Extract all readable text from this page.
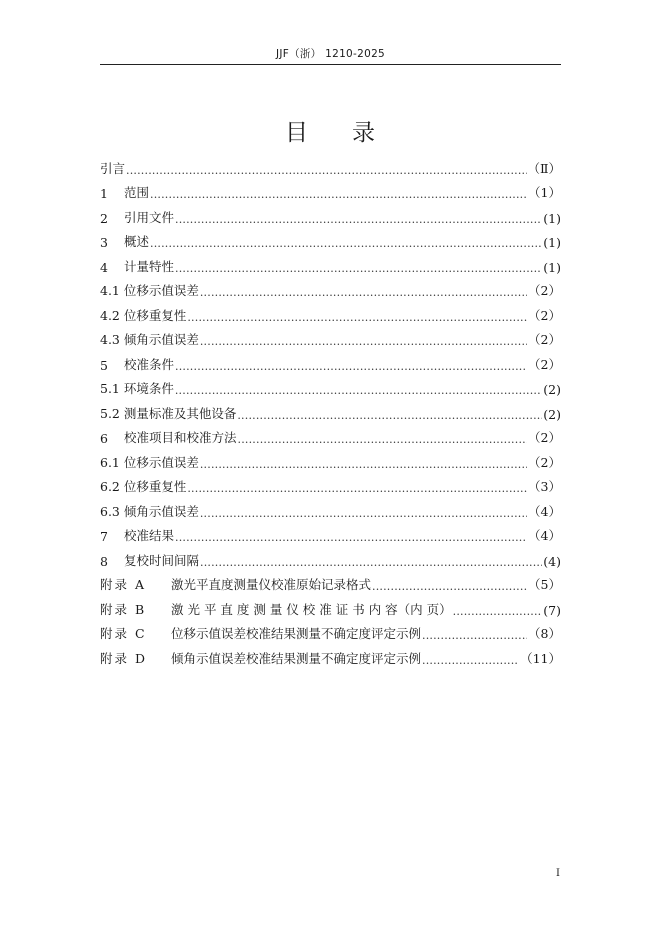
JJF（浙） 1210-2025
目 录
引言 .....	（Ⅱ）
1	范围 .....	（1）
2	引用文件 .....	(1)
3	概述 .....	(1)
4	计量特性 .....	(1)
4.1 位移示值误差 .....	（2）
4.2 位移重复性 .....	（2）
4.3 倾角示值误差 .....	（2）
5	校准条件 .....	（2）
5.1 环境条件 .....	(2)
5.2 测量标准及其他设备 .....	(2)
6	校准项目和校准方法 .....	（2）
6.1 位移示值误差 .....	（2）
6.2 位移重复性 .....	（3）
6.3 倾角示值误差 .....	（4）
7	校准结果 .....	（4）
8	复校时间间隔 .....	(4)
附录 A	激光平直度测量仪校准原始记录格式 .....	（5）
附录 B	激 光 平 直 度 测 量 仪 校 准 证 书 内 容（内 页） .....	(7)
附录 C	位移示值误差校准结果测量不确定度评定示例 .....	（8）
附录 D	倾角示值误差校准结果测量不确定度评定示例 .....	（11）
I
